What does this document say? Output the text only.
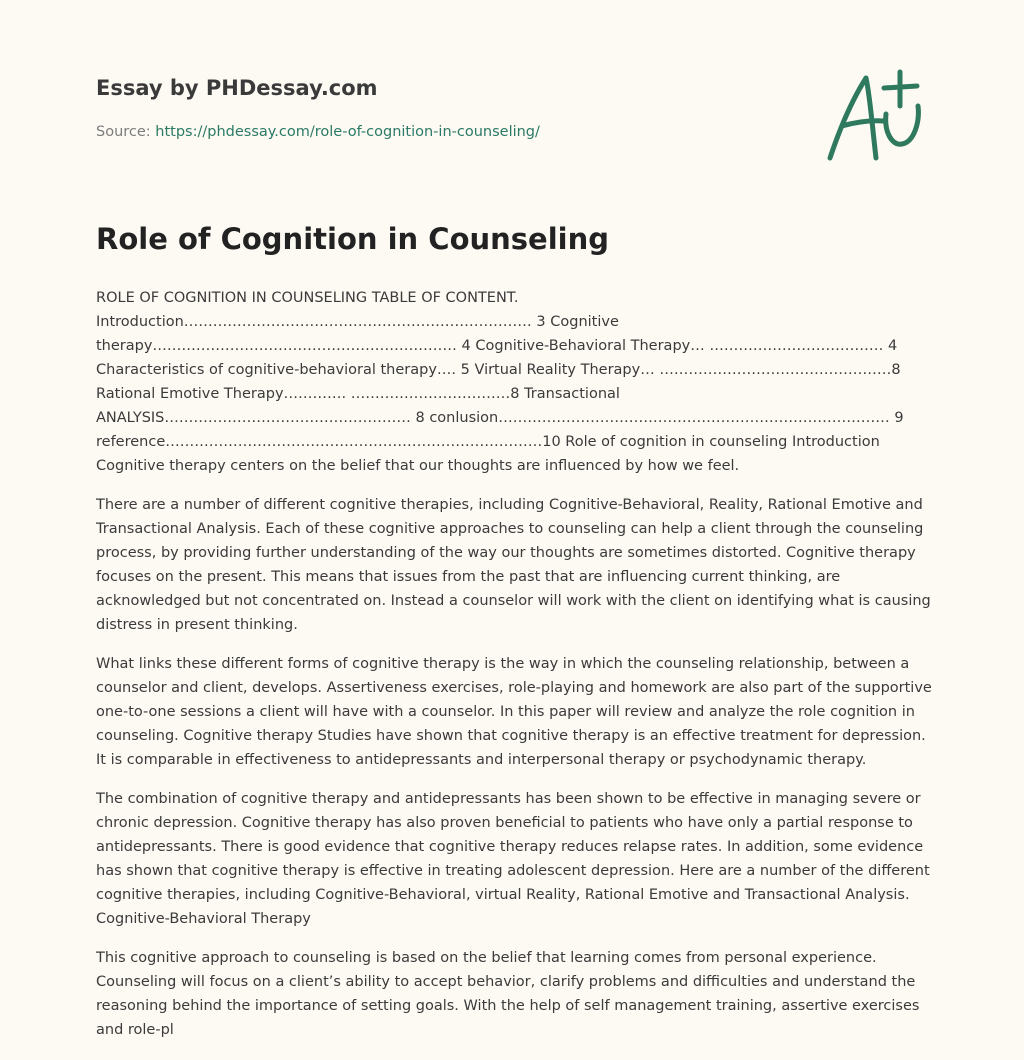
Essay by PHDessay.com
Source: https://phdessay.com/role-of-cognition-in-counseling/
Role of Cognition in Counseling

ROLE OF COGNITION IN COUNSELING TABLE OF CONTENT. Introduction……………………………………………………………… 3 Cognitive therapy……………………………………………………… 4 Cognitive-Behavioral Therapy… ……………………………… 4 Characteristics of cognitive-behavioral therapy…. 5 Virtual Reality Therapy… …………………………………………8 Rational Emotive Therapy…………. ……………………………8 Transactional ANALYSIS…………………………………………… 8 conlusion……………………………………………………………………… 9 reference……………………………………………………………………10 Role of cognition in counseling Introduction Cognitive therapy centers on the belief that our thoughts are influenced by how we feel.

There are a number of different cognitive therapies, including Cognitive-Behavioral, Reality, Rational Emotive and Transactional Analysis. Each of these cognitive approaches to counseling can help a client through the counseling process, by providing further understanding of the way our thoughts are sometimes distorted. Cognitive therapy focuses on the present. This means that issues from the past that are influencing current thinking, are acknowledged but not concentrated on. Instead a counselor will work with the client on identifying what is causing distress in present thinking.

What links these different forms of cognitive therapy is the way in which the counseling relationship, between a counselor and client, develops. Assertiveness exercises, role-playing and homework are also part of the supportive one-to-one sessions a client will have with a counselor. In this paper will review and analyze the role cognition in counseling. Cognitive therapy Studies have shown that cognitive therapy is an effective treatment for depression. It is comparable in effectiveness to antidepressants and interpersonal therapy or psychodynamic therapy.

The combination of cognitive therapy and antidepressants has been shown to be effective in managing severe or chronic depression. Cognitive therapy has also proven beneficial to patients who have only a partial response to antidepressants. There is good evidence that cognitive therapy reduces relapse rates. In addition, some evidence has shown that cognitive therapy is effective in treating adolescent depression. Here are a number of the different cognitive therapies, including Cognitive-Behavioral, virtual Reality, Rational Emotive and Transactional Analysis. Cognitive-Behavioral Therapy

This cognitive approach to counseling is based on the belief that learning comes from personal experience. Counseling will focus on a client’s ability to accept behavior, clarify problems and difficulties and understand the reasoning behind the importance of setting goals. With the help of self management training, assertive exercises and role-pl
